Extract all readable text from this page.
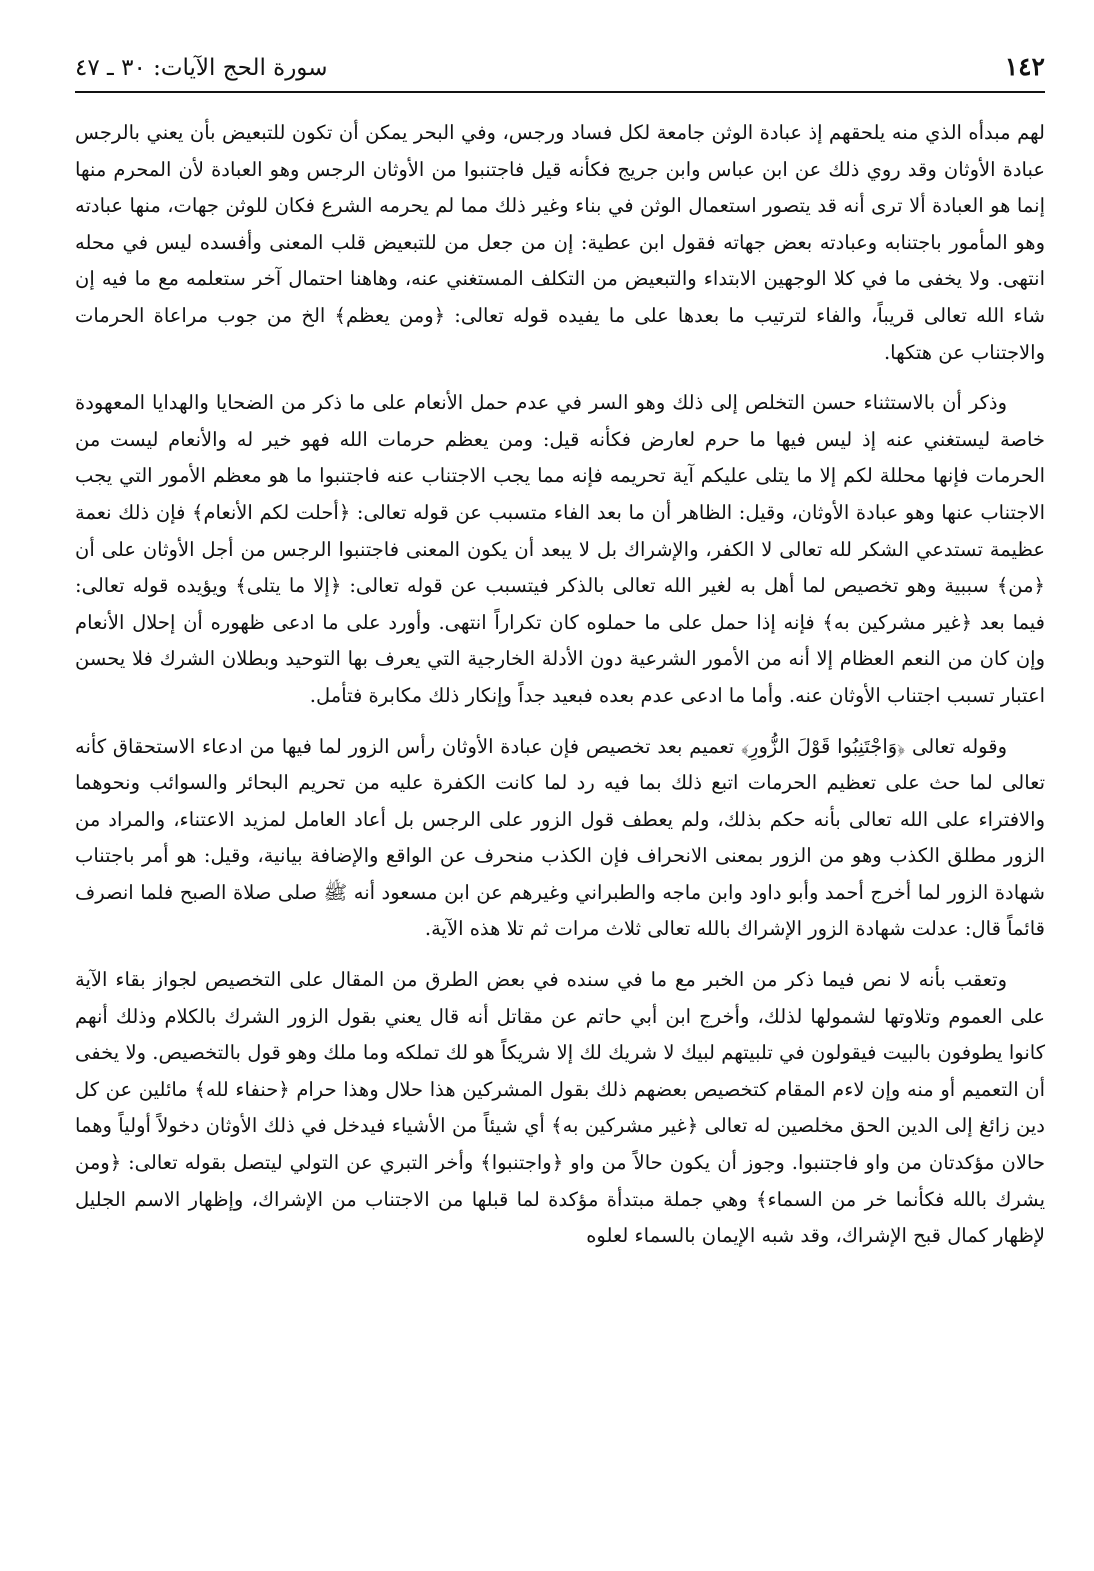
١٤٢
سورة الحج الآيات: ٣٠ ـ ٤٧

لهم مبدأه الذي منه يلحقهم إذ عبادة الوثن جامعة لكل فساد ورجس، وفي البحر يمكن أن تكون للتبعيض بأن يعني بالرجس عبادة الأوثان وقد روي ذلك عن ابن عباس وابن جريج فكأنه قيل فاجتنبوا من الأوثان الرجس وهو العبادة لأن المحرم منها إنما هو العبادة ألا ترى أنه قد يتصور استعمال الوثن في بناء وغير ذلك مما لم يحرمه الشرع فكان للوثن جهات، منها عبادته وهو المأمور باجتنابه وعبادته بعض جهاته فقول ابن عطية: إن من جعل من للتبعيض قلب المعنى وأفسده ليس في محله انتهى. ولا يخفى ما في كلا الوجهين الابتداء والتبعيض من التكلف المستغني عنه، وهاهنا احتمال آخر ستعلمه مع ما فيه إن شاء الله تعالى قريباً، والفاء لترتيب ما بعدها على ما يفيده قوله تعالى: ﴿ومن يعظم﴾ الخ من جوب مراعاة الحرمات والاجتناب عن هتكها.

وذكر أن بالاستثناء حسن التخلص إلى ذلك وهو السر في عدم حمل الأنعام على ما ذكر من الضحايا والهدايا المعهودة خاصة ليستغني عنه إذ ليس فيها ما حرم لعارض فكأنه قيل: ومن يعظم حرمات الله فهو خير له والأنعام ليست من الحرمات فإنها محللة لكم إلا ما يتلى عليكم آية تحريمه فإنه مما يجب الاجتناب عنه فاجتنبوا ما هو معظم الأمور التي يجب الاجتناب عنها وهو عبادة الأوثان، وقيل: الظاهر أن ما بعد الفاء متسبب عن قوله تعالى: ﴿أحلت لكم الأنعام﴾ فإن ذلك نعمة عظيمة تستدعي الشكر لله تعالى لا الكفر، والإشراك بل لا يبعد أن يكون المعنى فاجتنبوا الرجس من أجل الأوثان على أن ﴿من﴾ سببية وهو تخصيص لما أهل به لغير الله تعالى بالذكر فيتسبب عن قوله تعالى: ﴿إلا ما يتلى﴾ ويؤيده قوله تعالى: فيما بعد ﴿غير مشركين به﴾ فإنه إذا حمل على ما حملوه كان تكراراً انتهى. وأورد على ما ادعى ظهوره أن إحلال الأنعام وإن كان من النعم العظام إلا أنه من الأمور الشرعية دون الأدلة الخارجية التي يعرف بها التوحيد وبطلان الشرك فلا يحسن اعتبار تسبب اجتناب الأوثان عنه. وأما ما ادعى عدم بعده فبعيد جداً وإنكار ذلك مكابرة فتأمل.

وقوله تعالى ﴿وَاجْتَنِبُوا قَوْلَ الزُّورِ﴾ تعميم بعد تخصيص فإن عبادة الأوثان رأس الزور لما فيها من ادعاء الاستحقاق كأنه تعالى لما حث على تعظيم الحرمات اتبع ذلك بما فيه رد لما كانت الكفرة عليه من تحريم البحائر والسوائب ونحوهما والافتراء على الله تعالى بأنه حكم بذلك، ولم يعطف قول الزور على الرجس بل أعاد العامل لمزيد الاعتناء، والمراد من الزور مطلق الكذب وهو من الزور بمعنى الانحراف فإن الكذب منحرف عن الواقع والإضافة بيانية، وقيل: هو أمر باجتناب شهادة الزور لما أخرج أحمد وأبو داود وابن ماجه والطبراني وغيرهم عن ابن مسعود أنه ﷺ صلى صلاة الصبح فلما انصرف قائماً قال: عدلت شهادة الزور الإشراك بالله تعالى ثلاث مرات ثم تلا هذه الآية.

وتعقب بأنه لا نص فيما ذكر من الخبر مع ما في سنده في بعض الطرق من المقال على التخصيص لجواز بقاء الآية على العموم وتلاوتها لشمولها لذلك، وأخرج ابن أبي حاتم عن مقاتل أنه قال يعني بقول الزور الشرك بالكلام وذلك أنهم كانوا يطوفون بالبيت فيقولون في تلبيتهم لبيك لا شريك لك إلا شريكاً هو لك تملكه وما ملك وهو قول بالتخصيص. ولا يخفى أن التعميم أو منه وإن لاءم المقام كتخصيص بعضهم ذلك بقول المشركين هذا حلال وهذا حرام ﴿حنفاء لله﴾ مائلين عن كل دين زائغ إلى الدين الحق مخلصين له تعالى ﴿غير مشركين به﴾ أي شيئاً من الأشياء فيدخل في ذلك الأوثان دخولاً أولياً وهما حالان مؤكدتان من واو فاجتنبوا. وجوز أن يكون حالاً من واو ﴿واجتنبوا﴾ وأخر التبري عن التولي ليتصل بقوله تعالى: ﴿ومن يشرك بالله فكأنما خر من السماء﴾ وهي جملة مبتدأة مؤكدة لما قبلها من الاجتناب من الإشراك، وإظهار الاسم الجليل لإظهار كمال قبح الإشراك، وقد شبه الإيمان بالسماء لعلوه
